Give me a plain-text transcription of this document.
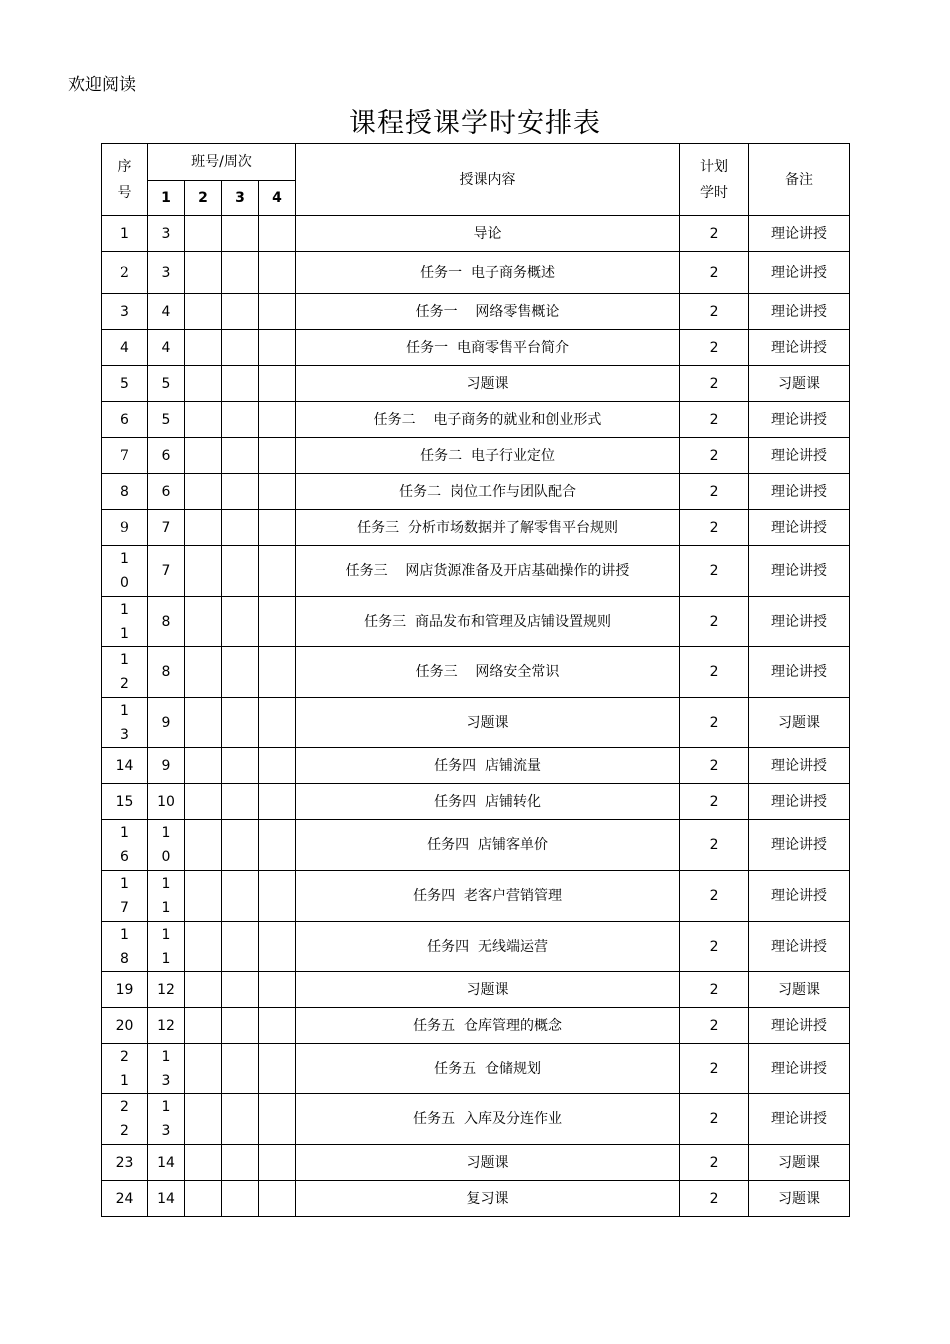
欢迎阅读
课程授课学时安排表
序号	班号/周次				授课内容	计划学时	备注
	1	2	3	4			
1	3				导论	2	理论讲授
2	3				任务一  电子商务概述	2	理论讲授
3	4				任务一    网络零售概论	2	理论讲授
4	4				任务一  电商零售平台简介	2	理论讲授
5	5				习题课	2	习题课
6	5				任务二    电子商务的就业和创业形式	2	理论讲授
7	6				任务二  电子行业定位	2	理论讲授
8	6				任务二  岗位工作与团队配合	2	理论讲授
9	7				任务三  分析市场数据并了解零售平台规则	2	理论讲授
10	7				任务三    网店货源准备及开店基础操作的讲授	2	理论讲授
11	8				任务三  商品发布和管理及店铺设置规则	2	理论讲授
12	8				任务三    网络安全常识	2	理论讲授
13	9				习题课	2	习题课
14	9				任务四  店铺流量	2	理论讲授
15	10				任务四  店铺转化	2	理论讲授
16	10				任务四  店铺客单价	2	理论讲授
17	11				任务四  老客户营销管理	2	理论讲授
18	11				任务四  无线端运营	2	理论讲授
19	12				习题课	2	习题课
20	12				任务五  仓库管理的概念	2	理论讲授
21	13				任务五  仓储规划	2	理论讲授
22	13				任务五  入库及分连作业	2	理论讲授
23	14				习题课	2	习题课
24	14				复习课	2	习题课
